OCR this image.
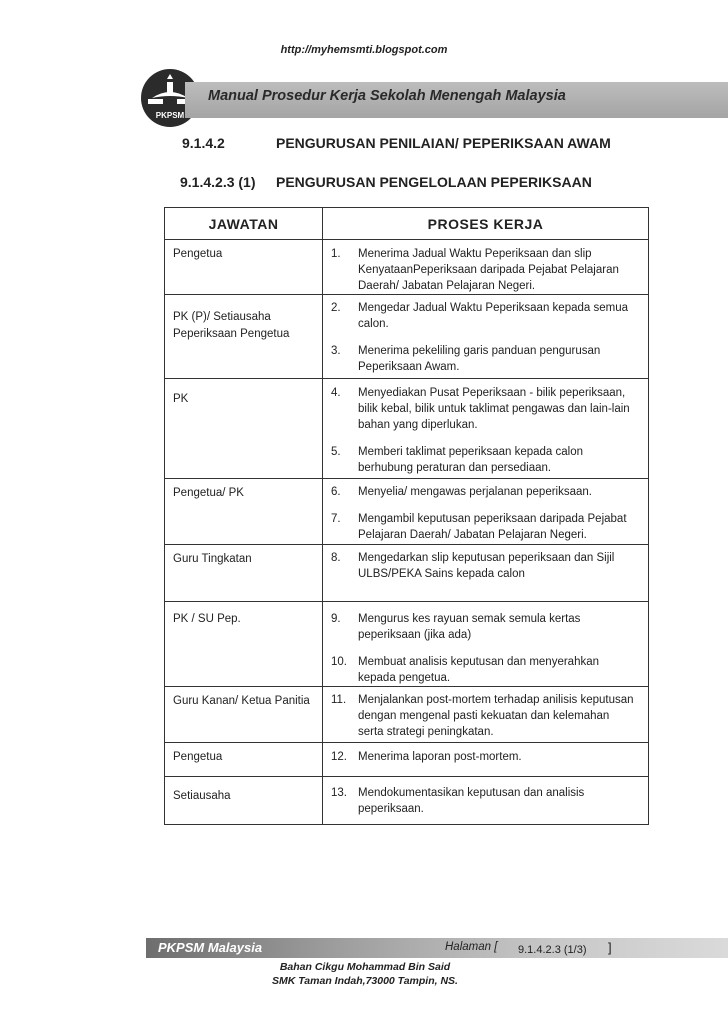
http://myhemsmti.blogspot.com
PKPSM
Manual Prosedur Kerja Sekolah Menengah Malaysia
9.1.4.2	PENGURUSAN PENILAIAN/ PEPERIKSAAN AWAM
9.1.4.2.3 (1) PENGURUSAN PENGELOLAAN PEPERIKSAAN
JAWATAN	PROSES KERJA
Pengetua	1. Menerima Jadual Waktu Peperiksaan dan slip KenyataanPeperiksaan daripada Pejabat Pelajaran Daerah/ Jabatan Pelajaran Negeri.

PK (P)/ Setiausaha Peperiksaan Pengetua	2. Mengedar Jadual Waktu Peperiksaan kepada semua calon.
3. Menerima pekeliling garis panduan pengurusan Peperiksaan Awam.

PK	4. Menyediakan Pusat Peperiksaan - bilik peperiksaan, bilik kebal, bilik untuk taklimat pengawas dan lain-lain bahan yang diperlukan.
5. Memberi taklimat peperiksaan kepada calon berhubung peraturan dan persediaan.

Pengetua/ PK	6. Menyelia/ mengawas perjalanan peperiksaan.
7. Mengambil keputusan peperiksaan daripada Pejabat Pelajaran Daerah/ Jabatan Pelajaran Negeri.

Guru Tingkatan	8. Mengedarkan slip keputusan peperiksaan dan Sijil ULBS/PEKA Sains kepada calon

PK / SU Pep.	9. Mengurus kes rayuan semak semula kertas peperiksaan (jika ada)
10. Membuat analisis keputusan dan menyerahkan kepada pengetua.

Guru Kanan/ Ketua Panitia	11. Menjalankan post-mortem terhadap anilisis keputusan dengan mengenal pasti kekuatan dan kelemahan serta strategi peningkatan.

Pengetua	12. Menerima laporan post-mortem.

Setiausaha	13. Mendokumentasikan keputusan dan analisis peperiksaan.
PKPSM Malaysia	Halaman [ 9.1.4.2.3 (1/3) ]
Bahan Cikgu Mohammad Bin Said
SMK Taman Indah,73000 Tampin, NS.
